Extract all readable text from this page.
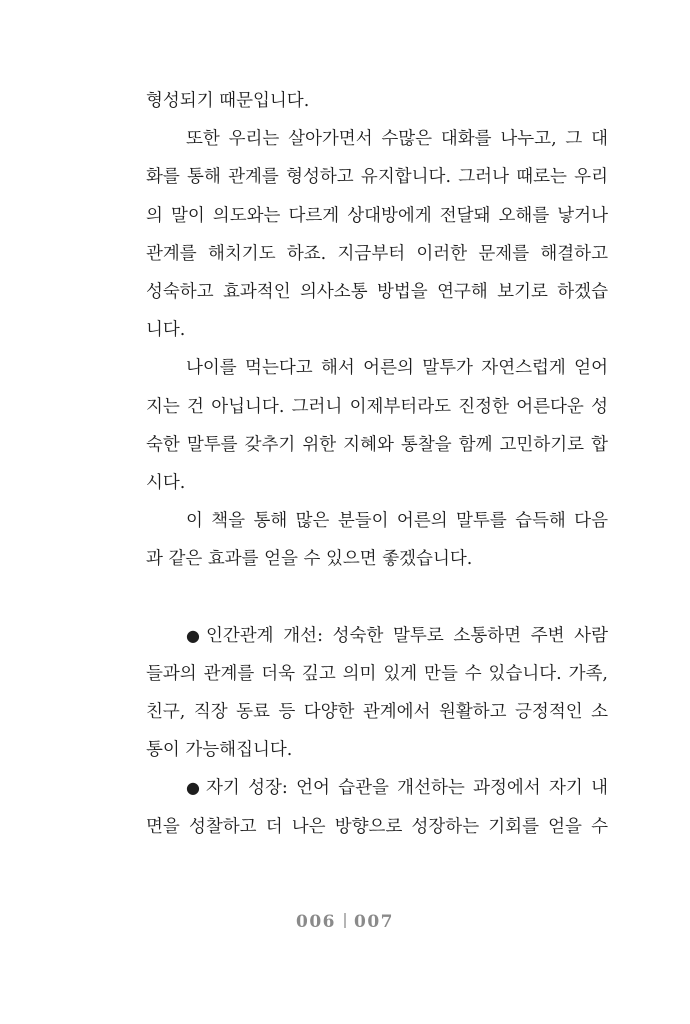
형성되기 때문입니다.
또한 우리는 살아가면서 수많은 대화를 나누고, 그 대
화를 통해 관계를 형성하고 유지합니다. 그러나 때로는 우리
의 말이 의도와는 다르게 상대방에게 전달돼 오해를 낳거나
관계를 해치기도 하죠. 지금부터 이러한 문제를 해결하고
성숙하고 효과적인 의사소통 방법을 연구해 보기로 하겠습
니다.
나이를 먹는다고 해서 어른의 말투가 자연스럽게 얻어
지는 건 아닙니다. 그러니 이제부터라도 진정한 어른다운 성
숙한 말투를 갖추기 위한 지혜와 통찰을 함께 고민하기로 합
시다.
이 책을 통해 많은 분들이 어른의 말투를 습득해 다음
과 같은 효과를 얻을 수 있으면 좋겠습니다.
● 인간관계 개선: 성숙한 말투로 소통하면 주변 사람
들과의 관계를 더욱 깊고 의미 있게 만들 수 있습니다. 가족,
친구, 직장 동료 등 다양한 관계에서 원활하고 긍정적인 소
통이 가능해집니다.
● 자기 성장: 언어 습관을 개선하는 과정에서 자기 내
면을 성찰하고 더 나은 방향으로 성장하는 기회를 얻을 수
006 007
